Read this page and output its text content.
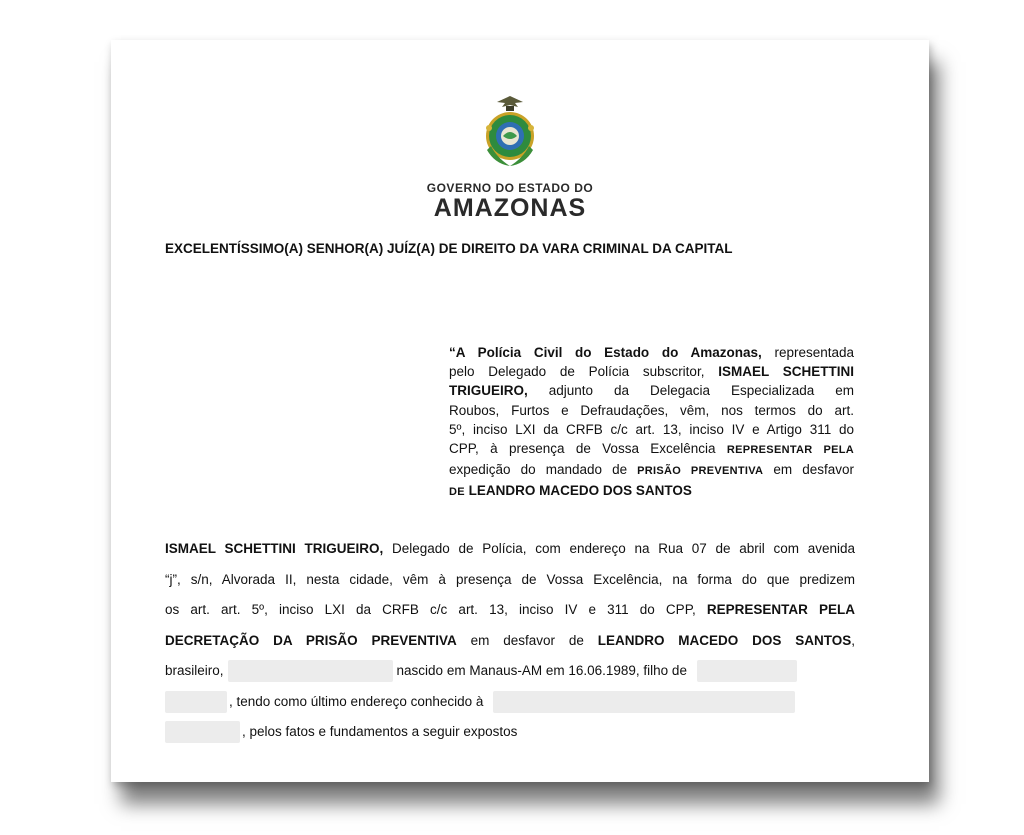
GOVERNO DO ESTADO DO
AMAZONAS
EXCELENTÍSSIMO(A) SENHOR(A) JUÍZ(A) DE DIREITO DA VARA CRIMINAL DA CAPITAL
“A Polícia Civil do Estado do Amazonas, representada
pelo Delegado de Polícia subscritor, ISMAEL SCHETTINI
TRIGUEIRO, adjunto da Delegacia Especializada em
Roubos, Furtos e Defraudações, vêm, nos termos do art.
5º, inciso LXI da CRFB c/c art. 13, inciso IV e Artigo 311 do
CPP, à presença de Vossa Excelência REPRESENTAR PELA
expedição do mandado de PRISÃO PREVENTIVA em desfavor
DE LEANDRO MACEDO DOS SANTOS
ISMAEL SCHETTINI TRIGUEIRO, Delegado de Polícia, com endereço na Rua 07 de abril com avenida
“j”, s/n, Alvorada II, nesta cidade, vêm à presença de Vossa Excelência, na forma do que predizem
os art. art. 5º, inciso LXI da CRFB c/c art. 13, inciso IV e 311 do CPP, REPRESENTAR PELA
DECRETAÇÃO DA PRISÃO PREVENTIVA em desfavor de LEANDRO MACEDO DOS SANTOS,
brasileiro,	nascido em Manaus-AM em 16.06.1989, filho de
, tendo como último endereço conhecido à
, pelos fatos e fundamentos a seguir expostos
